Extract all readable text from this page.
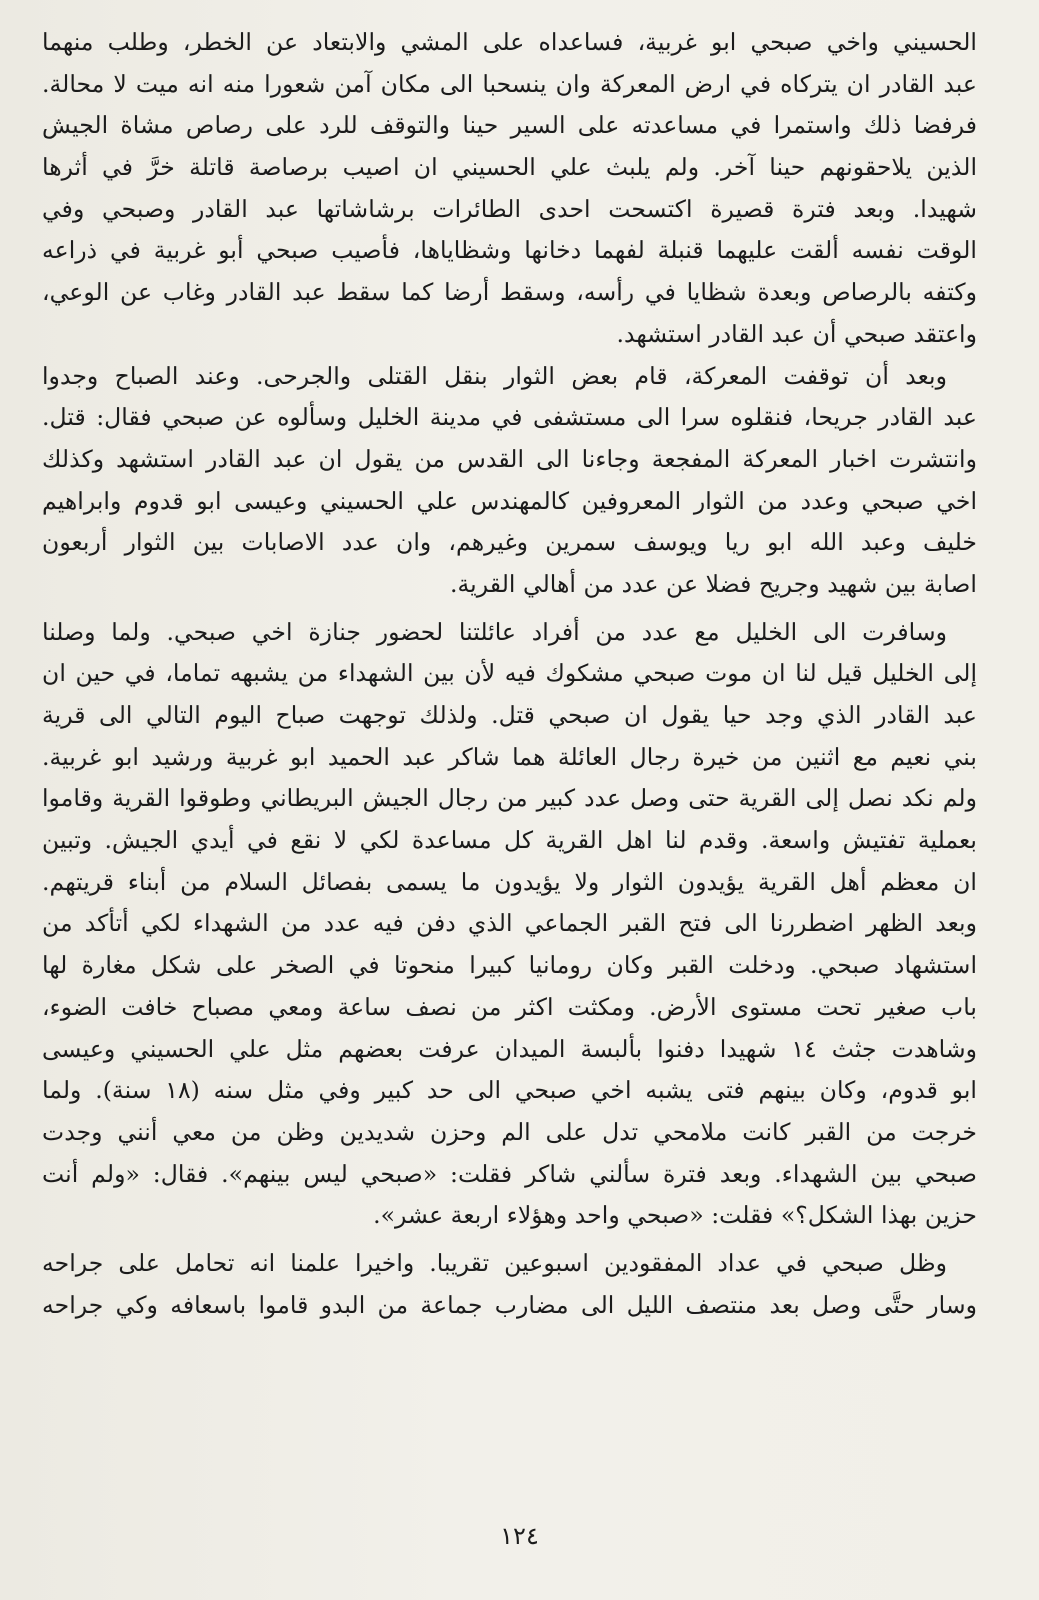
الحسيني واخي صبحي ابو غربية، فساعداه على المشي والابتعاد عن الخطر، وطلب منهما
عبد القادر ان يتركاه في ارض المعركة وان ينسحبا الى مكان آمن شعورا منه انه ميت لا محالة.
فرفضا ذلك واستمرا في مساعدته على السير حينا والتوقف للرد على رصاص مشاة الجيش
الذين يلاحقونهم حينا آخر. ولم يلبث علي الحسيني ان اصيب برصاصة قاتلة خرَّ في أثرها
شهيدا. وبعد فترة قصيرة اكتسحت احدى الطائرات برشاشاتها عبد القادر وصبحي وفي
الوقت نفسه ألقت عليهما قنبلة لفهما دخانها وشظاياها، فأصيب صبحي أبو غربية في ذراعه
وكتفه بالرصاص وبعدة شظايا في رأسه، وسقط أرضا كما سقط عبد القادر وغاب عن الوعي،
واعتقد صبحي أن عبد القادر استشهد.
وبعد أن توقفت المعركة، قام بعض الثوار بنقل القتلى والجرحى. وعند الصباح وجدوا
عبد القادر جريحا، فنقلوه سرا الى مستشفى في مدينة الخليل وسألوه عن صبحي فقال: قتل.
وانتشرت اخبار المعركة المفجعة وجاءنا الى القدس من يقول ان عبد القادر استشهد وكذلك
اخي صبحي وعدد من الثوار المعروفين كالمهندس علي الحسيني وعيسى ابو قدوم وابراهيم
خليف وعبد الله ابو ريا ويوسف سمرين وغيرهم، وان عدد الاصابات بين الثوار أربعون
اصابة بين شهيد وجريح فضلا عن عدد من أهالي القرية.
وسافرت الى الخليل مع عدد من أفراد عائلتنا لحضور جنازة اخي صبحي. ولما وصلنا
إلى الخليل قيل لنا ان موت صبحي مشكوك فيه لأن بين الشهداء من يشبهه تماما، في حين ان
عبد القادر الذي وجد حيا يقول ان صبحي قتل. ولذلك توجهت صباح اليوم التالي الى قرية
بني نعيم مع اثنين من خيرة رجال العائلة هما شاكر عبد الحميد ابو غربية ورشيد ابو غربية.
ولم نكد نصل إلى القرية حتى وصل عدد كبير من رجال الجيش البريطاني وطوقوا القرية وقاموا
بعملية تفتيش واسعة. وقدم لنا اهل القرية كل مساعدة لكي لا نقع في أيدي الجيش. وتبين
ان معظم أهل القرية يؤيدون الثوار ولا يؤيدون ما يسمى بفصائل السلام من أبناء قريتهم.
وبعد الظهر اضطررنا الى فتح القبر الجماعي الذي دفن فيه عدد من الشهداء لكي أتأكد من
استشهاد صبحي. ودخلت القبر وكان رومانيا كبيرا منحوتا في الصخر على شكل مغارة لها
باب صغير تحت مستوى الأرض. ومكثت اكثر من نصف ساعة ومعي مصباح خافت الضوء،
وشاهدت جثث ١٤ شهيدا دفنوا بألبسة الميدان عرفت بعضهم مثل علي الحسيني وعيسى
ابو قدوم، وكان بينهم فتى يشبه اخي صبحي الى حد كبير وفي مثل سنه (١٨ سنة). ولما
خرجت من القبر كانت ملامحي تدل على الم وحزن شديدين وظن من معي أنني وجدت
صبحي بين الشهداء. وبعد فترة سألني شاكر فقلت: «صبحي ليس بينهم». فقال: «ولم أنت
حزين بهذا الشكل؟» فقلت: «صبحي واحد وهؤلاء اربعة عشر».
وظل صبحي في عداد المفقودين اسبوعين تقريبا. واخيرا علمنا انه تحامل على جراحه
وسار حتَّى وصل بعد منتصف الليل الى مضارب جماعة من البدو قاموا باسعافه وكي جراحه
١٢٤
